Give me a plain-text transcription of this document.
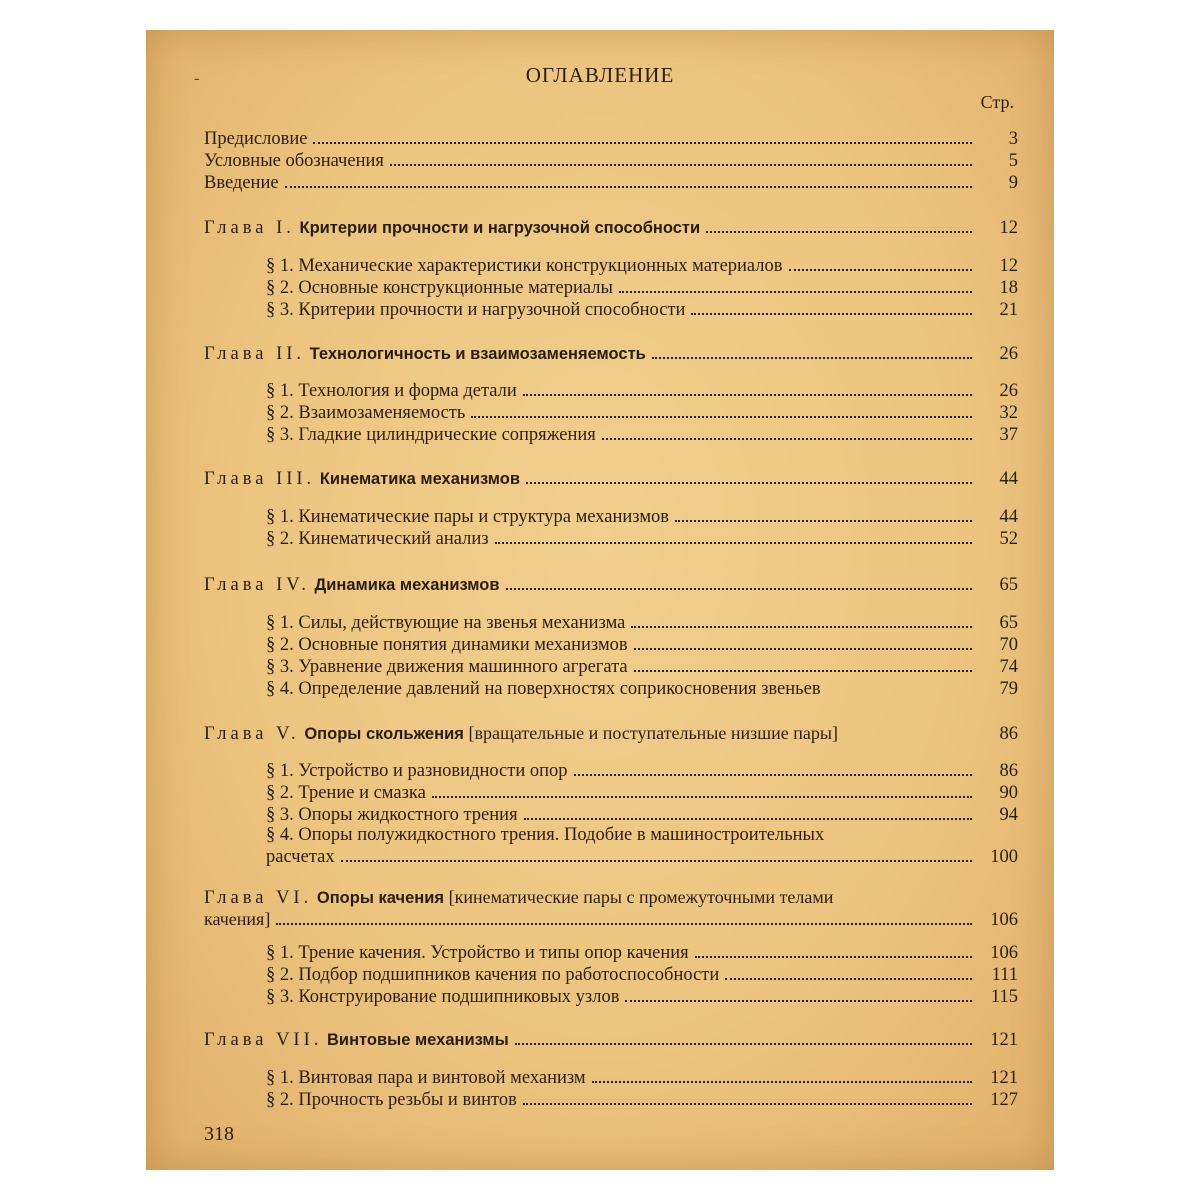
‐	ОГЛАВЛЕНИЕ
Стр.
Предисловие	3
Условные обозначения	5
Введение	9
Глава I. Критерии прочности и нагрузочной способности	12
§ 1. Механические характеристики конструкционных материалов	12
§ 2. Основные конструкционные материалы	18
§ 3. Критерии прочности и нагрузочной способности	21
Глава II. Технологичность и взаимозаменяемость	26
§ 1. Технология и форма детали	26
§ 2. Взаимозаменяемость	32
§ 3. Гладкие цилиндрические сопряжения	37
Глава III. Кинематика механизмов	44
§ 1. Кинематические пары и структура механизмов	44
§ 2. Кинематический анализ	52
Глава IV. Динамика механизмов	65
§ 1. Силы, действующие на звенья механизма	65
§ 2. Основные понятия динамики механизмов	70
§ 3. Уравнение движения машинного агрегата	74
§ 4. Определение давлений на поверхностях соприкосновения звеньев	79
Глава V. Опоры скольжения [вращательные и поступательные низшие пары]	86
§ 1. Устройство и разновидности опор	86
§ 2. Трение и смазка	90
§ 3. Опоры жидкостного трения	94
§ 4. Опоры полужидкостного трения. Подобие в машиностроительных
расчетах	100
Глава VI. Опоры качения [кинематические пары с промежуточными телами
качения]	106
§ 1. Трение качения. Устройство и типы опор качения	106
§ 2. Подбор подшипников качения по работоспособности	111
§ 3. Конструирование подшипниковых узлов	115
Глава VII. Винтовые механизмы	121
§ 1. Винтовая пара и винтовой механизм	121
§ 2. Прочность резьбы и винтов	127
318
